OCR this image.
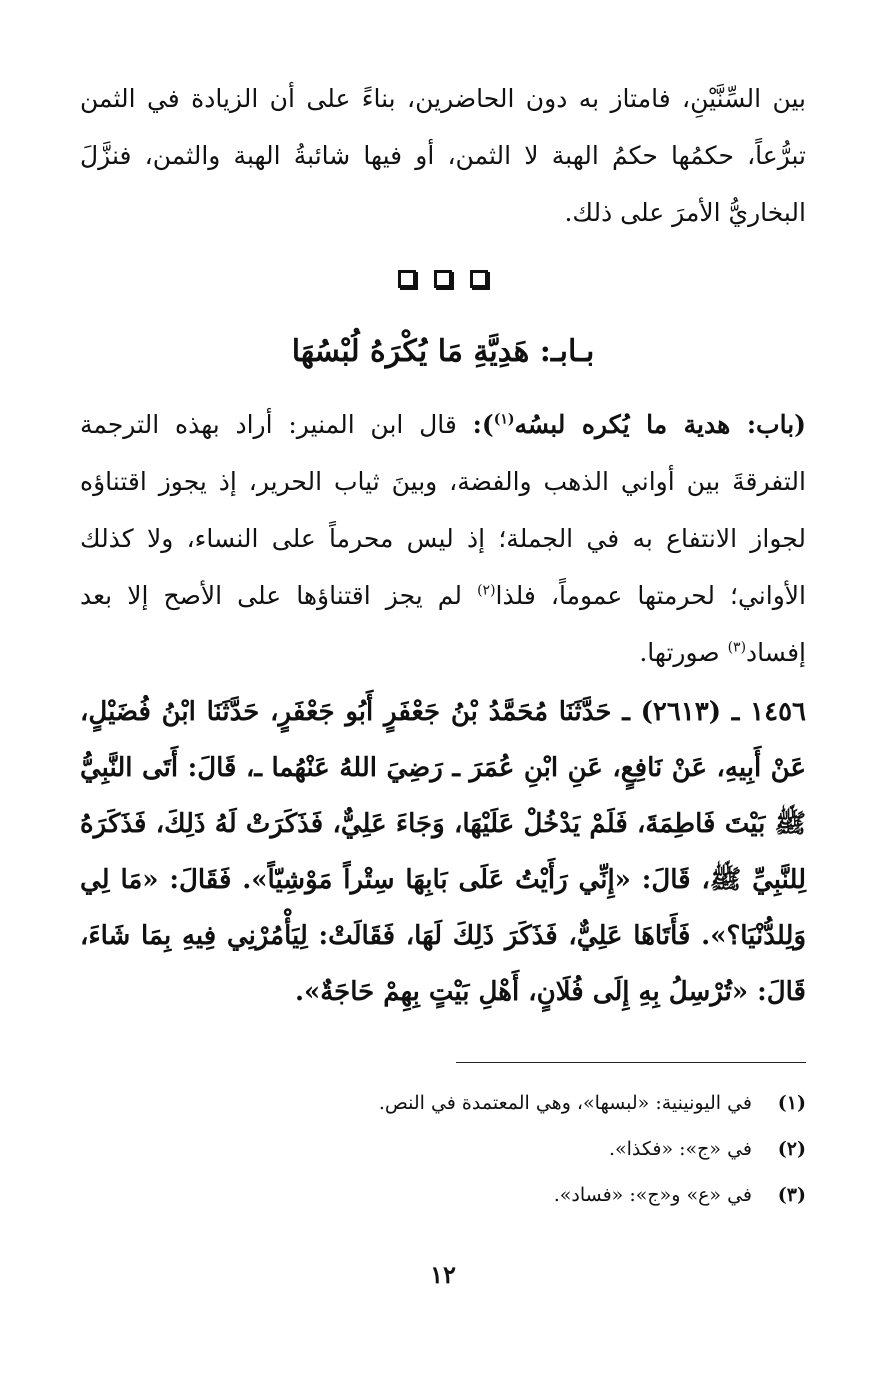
بين السِّنَّيْنِ، فامتاز به دون الحاضرين، بناءً على أن الزيادة في الثمن تبرُّعاً، حكمُها حكمُ الهبة لا الثمن، أو فيها شائبةُ الهبة والثمن، فنزَّلَ البخاريُّ الأمرَ على ذلك.

بـابـ: هَدِيَّةِ مَا يُكْرَهُ لُبْسُهَا

(باب: هدية ما يُكره لبسُه$^{(١)}$): قال ابن المنير: أراد بهذه الترجمة التفرقةَ بين أواني الذهب والفضة، وبينَ ثياب الحرير، إذ يجوز اقتناؤه لجواز الانتفاع به في الجملة؛ إذ ليس محرماً على النساء، ولا كذلك الأواني؛ لحرمتها عموماً، فلذا$^{(٢)}$ لم يجز اقتناؤها على الأصح إلا بعد إفساد$^{(٣)}$ صورتها.

١٤٥٦ ـ (٢٦١٣) ـ حَدَّثَنَا مُحَمَّدُ بْنُ جَعْفَرٍ أَبُو جَعْفَرٍ، حَدَّثَنَا ابْنُ فُضَيْلٍ، عَنْ أَبِيهِ، عَنْ نَافِعٍ، عَنِ ابْنِ عُمَرَ ـ رَضِيَ اللهُ عَنْهُما ـ، قَالَ: أَتَى النَّبِيُّ ﷺ بَيْتَ فَاطِمَةَ، فَلَمْ يَدْخُلْ عَلَيْهَا، وَجَاءَ عَلِيٌّ، فَذَكَرَتْ لَهُ ذَلِكَ، فَذَكَرَهُ لِلنَّبِيِّ ﷺ، قَالَ: «إِنِّي رَأَيْتُ عَلَى بَابِهَا سِتْراً مَوْشِيّاً». فَقَالَ: «مَا لِي وَلِلدُّنْيَا؟». فَأَتَاهَا عَلِيٌّ، فَذَكَرَ ذَلِكَ لَهَا، فَقَالَتْ: لِيَأْمُرْنِي فِيهِ بِمَا شَاءَ، قَالَ: «تُرْسِلُ بِهِ إِلَى فُلَانٍ، أَهْلِ بَيْتٍ بِهِمْ حَاجَةٌ».

(١)في اليونينية: «لبسها»، وهي المعتمدة في النص.
(٢)في «ج»: «فكذا».
(٣)في «ع» و«ج»: «فساد».
١٢
